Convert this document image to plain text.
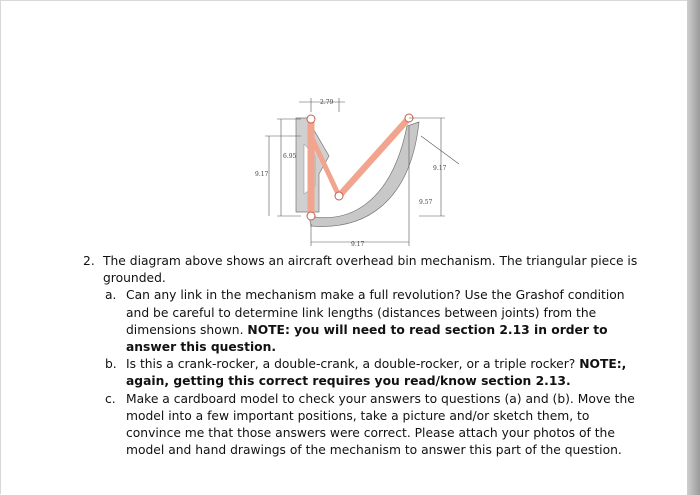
2.79
6.95
9.17
9.17
9.57
9.17
2. The diagram above shows an aircraft overhead bin mechanism. The triangular piece is grounded.
a. Can any link in the mechanism make a full revolution? Use the Grashof condition and be careful to determine link lengths (distances between joints) from the dimensions shown. NOTE: you will need to read section 2.13 in order to answer this question.
b. Is this a crank-rocker, a double-crank, a double-rocker, or a triple rocker? NOTE:, again, getting this correct requires you read/know section 2.13.
c. Make a cardboard model to check your answers to questions (a) and (b). Move the model into a few important positions, take a picture and/or sketch them, to convince me that those answers were correct. Please attach your photos of the model and hand drawings of the mechanism to answer this part of the question.
